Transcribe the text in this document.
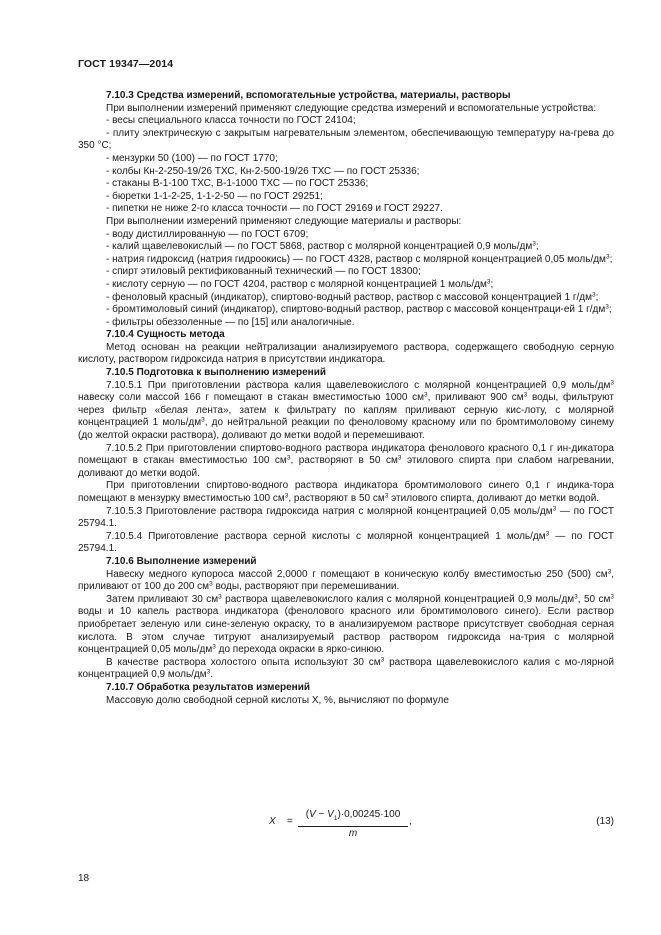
ГОСТ 19347—2014

7.10.3 Средства измерений, вспомогательные устройства, материалы, растворы

При выполнении измерений применяют следующие средства измерений и вспомогательные устройства:

- весы специального класса точности по ГОСТ 24104;

- плиту электрическую с закрытым нагревательным элементом, обеспечивающую температуру на-грева до 350 °С;

- мензурки 50 (100) — по ГОСТ 1770;

- колбы Кн-2-250-19/26 ТХС, Кн-2-500-19/26 ТХС — по ГОСТ 25336;

- стаканы В-1-100 ТХС, В-1-1000 ТХС — по ГОСТ 25336;

- бюретки 1-1-2-25, 1-1-2-50 — по ГОСТ 29251;

- пипетки не ниже 2-го класса точности — по ГОСТ 29169 и ГОСТ 29227.

При выполнении измерений применяют следующие материалы и растворы:

- воду дистиллированную — по ГОСТ 6709;

- калий щавелевокислый — по ГОСТ 5868, раствор с молярной концентрацией 0,9 моль/$дм^3$;

- натрия гидроксид (натрия гидроокись) — по ГОСТ 4328, раствор с молярной концентрацией 0,05 моль/$дм^3$;

- спирт этиловый ректификованный технический — по ГОСТ 18300;

- кислоту серную — по ГОСТ 4204, раствор с молярной концентрацией 1 моль/$дм^3$;

- феноловый красный (индикатор), спиртово-водный раствор, раствор с массовой концентрацией 1 $г/дм^3$;

- бромтимоловый синий (индикатор), спиртово-водный раствор, раствор с массовой концентраци-ей 1 $г/дм^3$;

- фильтры обеззоленные — по [15] или аналогичные.

7.10.4 Сущность метода

Метод основан на реакции нейтрализации анализируемого раствора, содержащего свободную серную кислоту, раствором гидроксида натрия в присутствии индикатора.

7.10.5 Подготовка к выполнению измерений

7.10.5.1 При приготовлении раствора калия щавелевокислого с молярной концентрацией 0,9 моль/$дм^3$ навеску соли массой 166 г помещают в стакан вместимостью 1000 $см^3$, приливают 900 $см^3$ воды, фильтруют через фильтр «белая лента», затем к фильтрату по каплям приливают серную кис-лоту, с молярной концентрацией 1 моль/$дм^3$, до нейтральной реакции по феноловому красному или по бромтимоловому синему (до желтой окраски раствора), доливают до метки водой и перемешивают.

7.10.5.2 При приготовлении спиртово-водного раствора индикатора фенолового красного 0,1 г ин-дикатора помещают в стакан вместимостью 100 $см^3$, растворяют в 50 $см^3$ этилового спирта при слабом нагревании, доливают до метки водой.

При приготовлении спиртово-водного раствора индикатора бромтимолового синего 0,1 г индика-тора помещают в мензурку вместимостью 100 $см^3$, растворяют в 50 $см^3$ этилового спирта, доливают до метки водой.

7.10.5.3 Приготовление раствора гидроксида натрия с молярной концентрацией 0,05 моль/$дм^3$ — по ГОСТ 25794.1.

7.10.5.4 Приготовление раствора серной кислоты с молярной концентрацией 1 моль/$дм^3$ — по ГОСТ 25794.1.

7.10.6 Выполнение измерений

Навеску медного купороса массой 2,0000 г помещают в коническую колбу вместимостью 250 (500) $см^3$, приливают от 100 до 200 $см^3$ воды, растворяют при перемешивании.

Затем приливают 30 $см^3$ раствора щавелевокислого калия с молярной концентрацией 0,9 моль/$дм^3$, 50 $см^3$ воды и 10 капель раствора индикатора (фенолового красного или бромтимолового синего). Если раствор приобретает зеленую или сине-зеленую окраску, то в анализируемом растворе присутствует свободная серная кислота. В этом случае титруют анализируемый раствор раствором гидроксида на-трия с молярной концентрацией 0,05 моль/$дм^3$ до перехода окраски в ярко-синюю.

В качестве раствора холостого опыта используют 30 $см^3$ раствора щавелевокислого калия с мо-лярной концентрацией 0,9 моль/$дм^3$.

7.10.7 Обработка результатов измерений

Массовую долю свободной серной кислоты X, %, вычисляют по формуле

X =
$(V - V_1)\cdot 0,00245\cdot 100$
m
,	(13)
18
